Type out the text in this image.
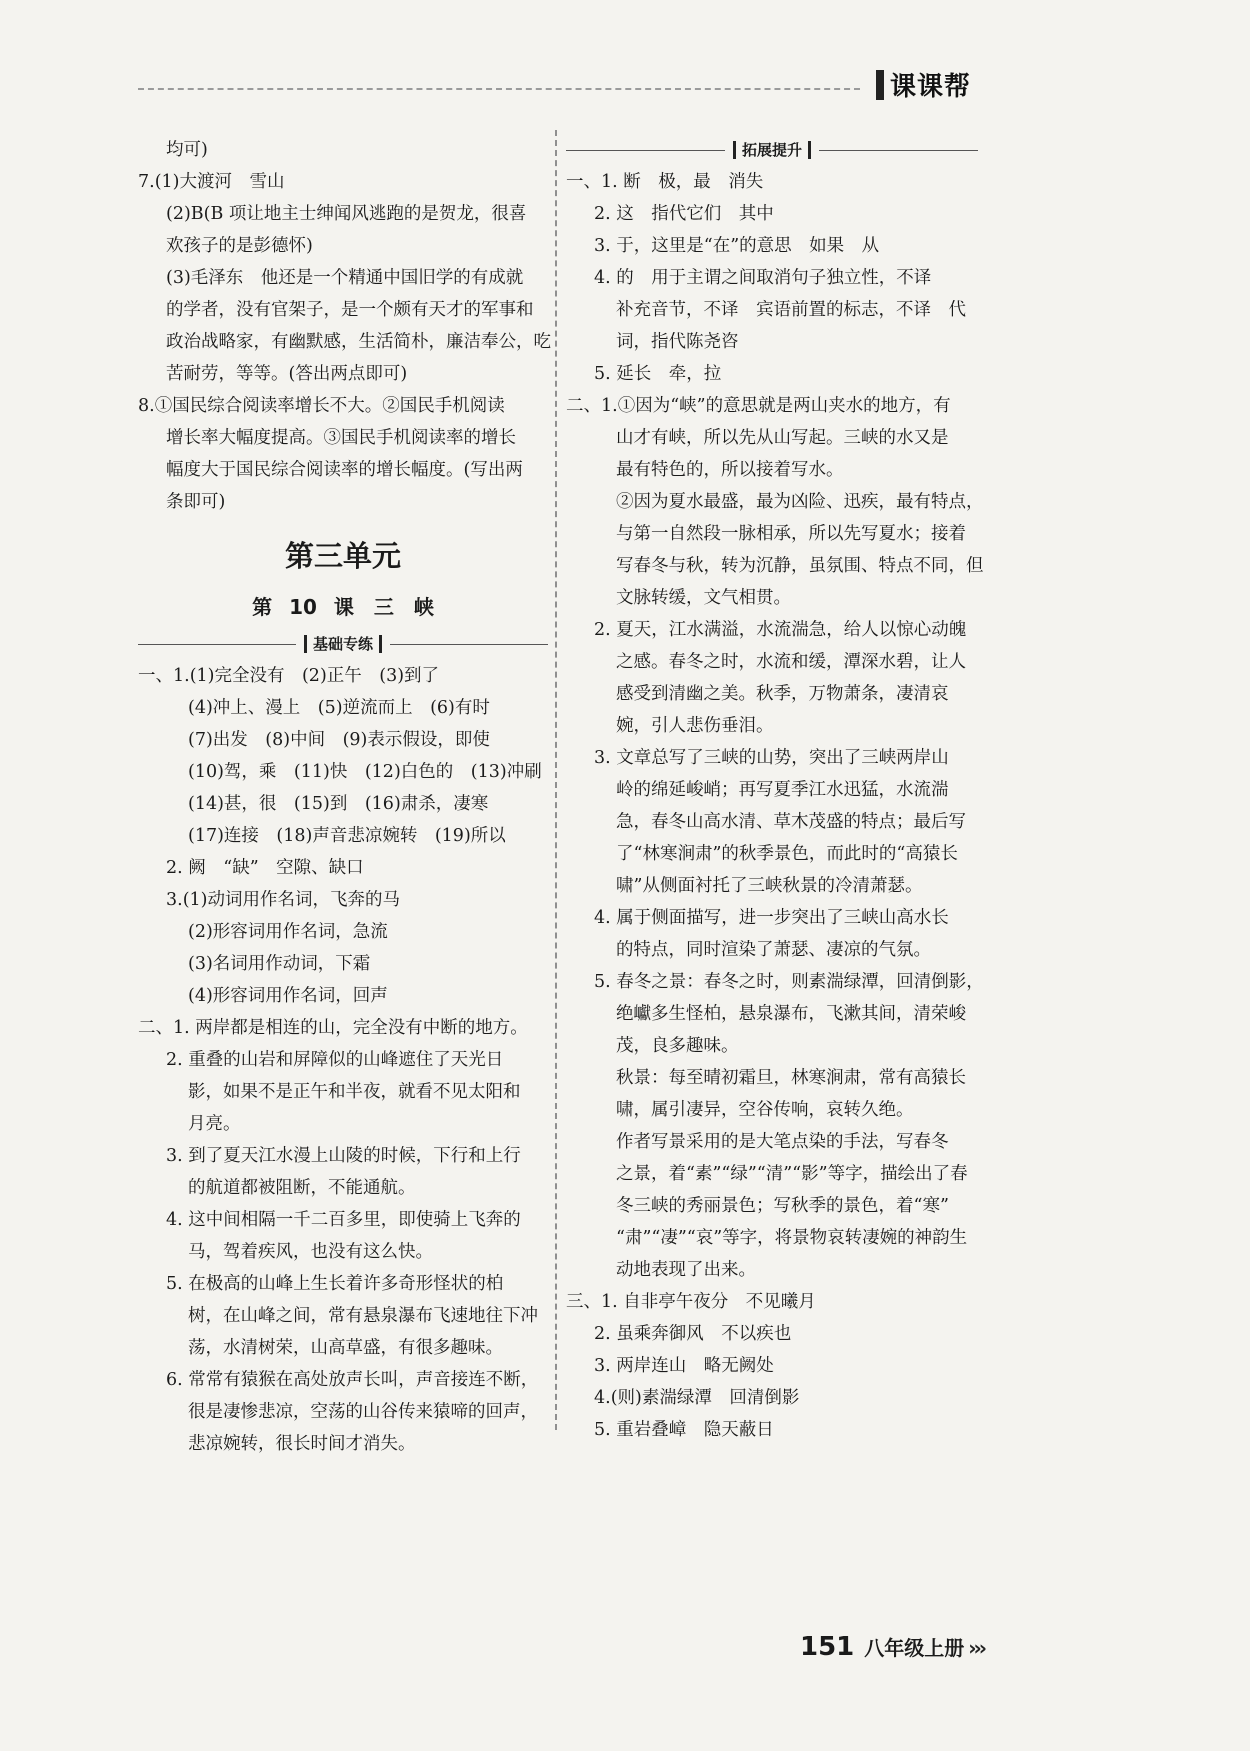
课课帮
均可)
7.(1)大渡河　雪山
(2)B(B 项让地主士绅闻风逃跑的是贺龙，很喜
欢孩子的是彭德怀)
(3)毛泽东　他还是一个精通中国旧学的有成就
的学者，没有官架子，是一个颇有天才的军事和
政治战略家，有幽默感，生活简朴，廉洁奉公，吃
苦耐劳，等等。(答出两点即可)
8.①国民综合阅读率增长不大。②国民手机阅读
增长率大幅度提高。③国民手机阅读率的增长
幅度大于国民综合阅读率的增长幅度。(写出两
条即可)
第三单元
第 10 课　三　峡
基础专练
一、1.(1)完全没有　(2)正午　(3)到了
(4)冲上、漫上　(5)逆流而上　(6)有时
(7)出发　(8)中间　(9)表示假设，即使
(10)驾，乘　(11)快　(12)白色的　(13)冲刷
(14)甚，很　(15)到　(16)肃杀，凄寒
(17)连接　(18)声音悲凉婉转　(19)所以
2. 阙　“缺”　空隙、缺口
3.(1)动词用作名词，飞奔的马
(2)形容词用作名词，急流
(3)名词用作动词，下霜
(4)形容词用作名词，回声
二、1. 两岸都是相连的山，完全没有中断的地方。
2. 重叠的山岩和屏障似的山峰遮住了天光日
影，如果不是正午和半夜，就看不见太阳和
月亮。
3. 到了夏天江水漫上山陵的时候，下行和上行
的航道都被阻断，不能通航。
4. 这中间相隔一千二百多里，即使骑上飞奔的
马，驾着疾风，也没有这么快。
5. 在极高的山峰上生长着许多奇形怪状的柏
树，在山峰之间，常有悬泉瀑布飞速地往下冲
荡，水清树荣，山高草盛，有很多趣味。
6. 常常有猿猴在高处放声长叫，声音接连不断，
很是凄惨悲凉，空荡的山谷传来猿啼的回声，
悲凉婉转，很长时间才消失。
拓展提升
一、1. 断　极，最　消失
2. 这　指代它们　其中
3. 于，这里是“在”的意思　如果　从
4. 的　用于主谓之间取消句子独立性，不译
补充音节，不译　宾语前置的标志，不译　代
词，指代陈尧咨
5. 延长　牵，拉
二、1.①因为“峡”的意思就是两山夹水的地方，有
山才有峡，所以先从山写起。三峡的水又是
最有特色的，所以接着写水。
②因为夏水最盛，最为凶险、迅疾，最有特点，
与第一自然段一脉相承，所以先写夏水；接着
写春冬与秋，转为沉静，虽氛围、特点不同，但
文脉转缓，文气相贯。
2. 夏天，江水满溢，水流湍急，给人以惊心动魄
之感。春冬之时，水流和缓，潭深水碧，让人
感受到清幽之美。秋季，万物萧条，凄清哀
婉，引人悲伤垂泪。
3. 文章总写了三峡的山势，突出了三峡两岸山
岭的绵延峻峭；再写夏季江水迅猛，水流湍
急，春冬山高水清、草木茂盛的特点；最后写
了“林寒涧肃”的秋季景色，而此时的“高猿长
啸”从侧面衬托了三峡秋景的冷清萧瑟。
4. 属于侧面描写，进一步突出了三峡山高水长
的特点，同时渲染了萧瑟、凄凉的气氛。
5. 春冬之景：春冬之时，则素湍绿潭，回清倒影，
绝巘多生怪柏，悬泉瀑布，飞漱其间，清荣峻
茂，良多趣味。
秋景：每至晴初霜旦，林寒涧肃，常有高猿长
啸，属引凄异，空谷传响，哀转久绝。
作者写景采用的是大笔点染的手法，写春冬
之景，着“素”“绿”“清”“影”等字，描绘出了春
冬三峡的秀丽景色；写秋季的景色，着“寒”
“肃”“凄”“哀”等字，将景物哀转凄婉的神韵生
动地表现了出来。
三、1. 自非亭午夜分　不见曦月
2. 虽乘奔御风　不以疾也
3. 两岸连山　略无阙处
4.(则)素湍绿潭　回清倒影
5. 重岩叠嶂　隐天蔽日
151 八年级上册 ›››
